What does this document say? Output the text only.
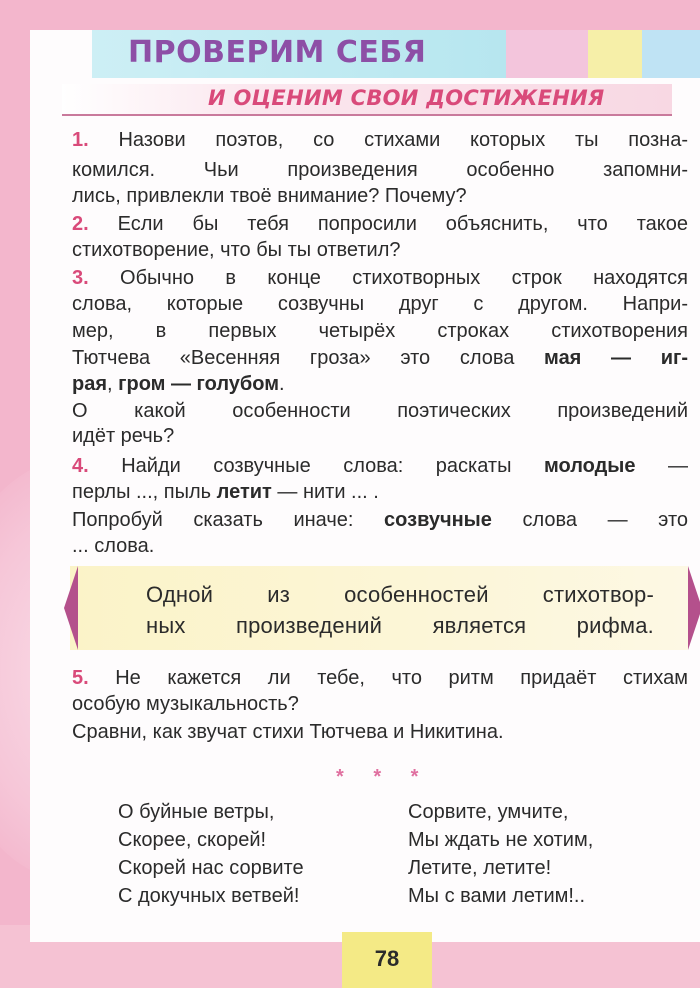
ПРОВЕРИМ СЕБЯ
И ОЦЕНИМ СВОИ ДОСТИЖЕНИЯ
1. Назови поэтов, со стихами которых ты позна-
комился. Чьи произведения особенно запомни-
лись, привлекли твоё внимание? Почему?
2. Если бы тебя попросили объяснить, что такое
стихотворение, что бы ты ответил?
3. Обычно в конце стихотворных строк находятся
слова, которые созвучны друг с другом. Напри-
мер, в первых четырёх строках стихотворения
Тютчева «Весенняя гроза» это слова мая — иг-
рая, гром — голубом.
О какой особенности поэтических произведений
идёт речь?
4. Найди созвучные слова: раскаты молодые —
перлы ..., пыль летит — нити ... .
Попробуй сказать иначе: созвучные слова — это
... слова.
Одной из особенностей стихотвор-
ных произведений является рифма.
5. Не кажется ли тебе, что ритм придаёт стихам
особую музыкальность?
Сравни, как звучат стихи Тютчева и Никитина.
* * *
О буйные ветры,
Скорее, скорей!
Скорей нас сорвите
С докучных ветвей!
Сорвите, умчите,
Мы ждать не хотим,
Летите, летите!
Мы с вами летим!..
78
